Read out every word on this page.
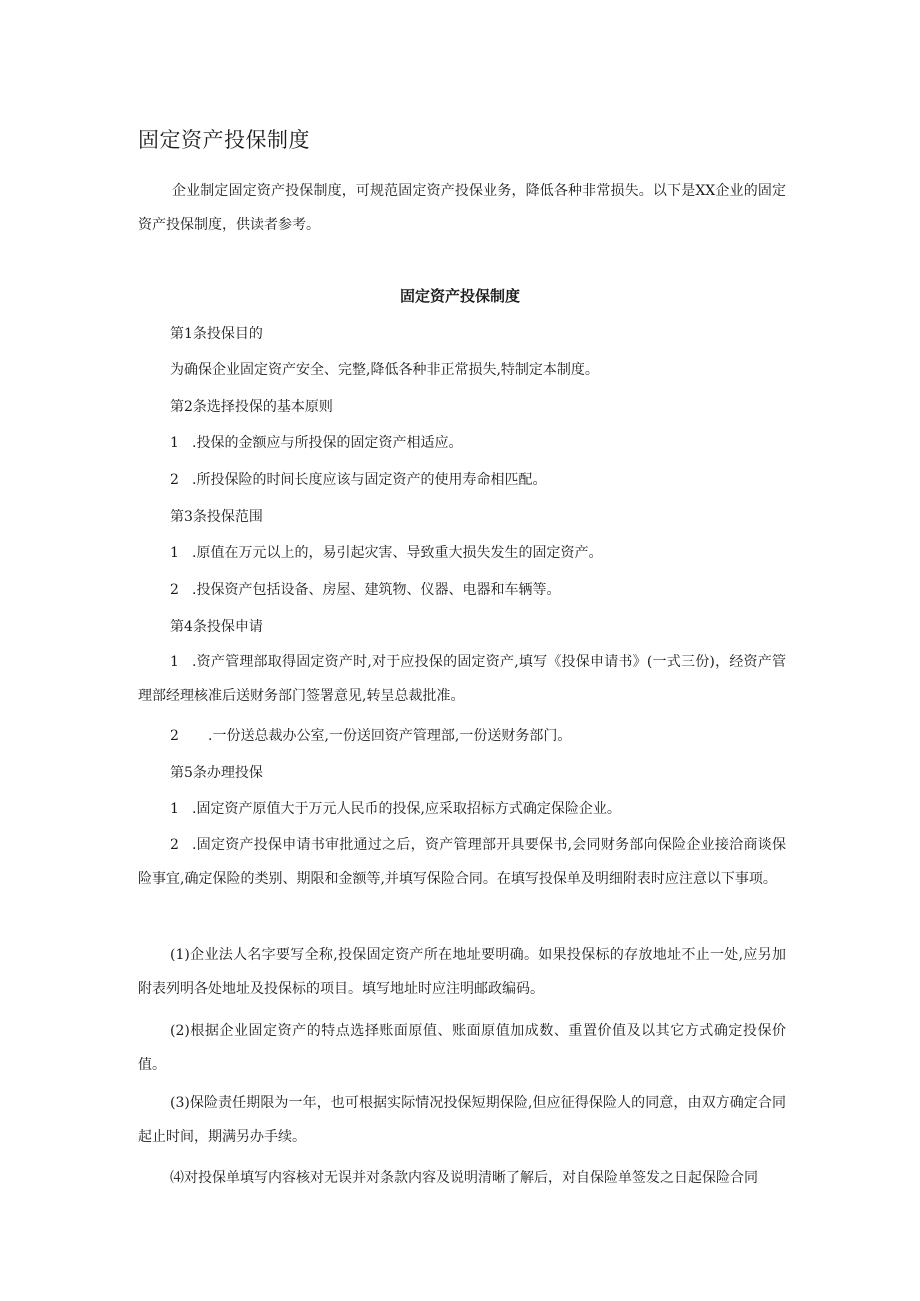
固定资产投保制度

企业制定固定资产投保制度，可规范固定资产投保业务，降低各种非常损失。以下是XX企业的固定资产投保制度，供读者参考。

固定资产投保制度

第1条投保目的

为确保企业固定资产安全、完整,降低各种非正常损失,特制定本制度。

第2条选择投保的基本原则

1 .投保的金额应与所投保的固定资产相适应。

2 .所投保险的时间长度应该与固定资产的使用寿命相匹配。

第3条投保范围

1 .原值在万元以上的，易引起灾害、导致重大损失发生的固定资产。

2 .投保资产包括设备、房屋、建筑物、仪器、电器和车辆等。

第4条投保申请

1 .资产管理部取得固定资产时,对于应投保的固定资产,填写《投保申请书》(一式三份)，经资产管理部经理核准后送财务部门签署意见,转呈总裁批准。

2 .一份送总裁办公室,一份送回资产管理部,一份送财务部门。

第5条办理投保

1 .固定资产原值大于万元人民币的投保,应采取招标方式确定保险企业。

2 .固定资产投保申请书审批通过之后，资产管理部开具要保书,会同财务部向保险企业接洽商谈保险事宜,确定保险的类别、期限和金额等,并填写保险合同。在填写投保单及明细附表时应注意以下事项。

(1)企业法人名字要写全称,投保固定资产所在地址要明确。如果投保标的存放地址不止一处,应另加附表列明各处地址及投保标的项目。填写地址时应注明邮政编码。

(2)根据企业固定资产的特点选择账面原值、账面原值加成数、重置价值及以其它方式确定投保价值。

(3)保险责任期限为一年，也可根据实际情况投保短期保险,但应征得保险人的同意，由双方确定合同起止时间，期满另办手续。

⑷对投保单填写内容核对无误并对条款内容及说明清晰了解后，对自保险单签发之日起保险合同
